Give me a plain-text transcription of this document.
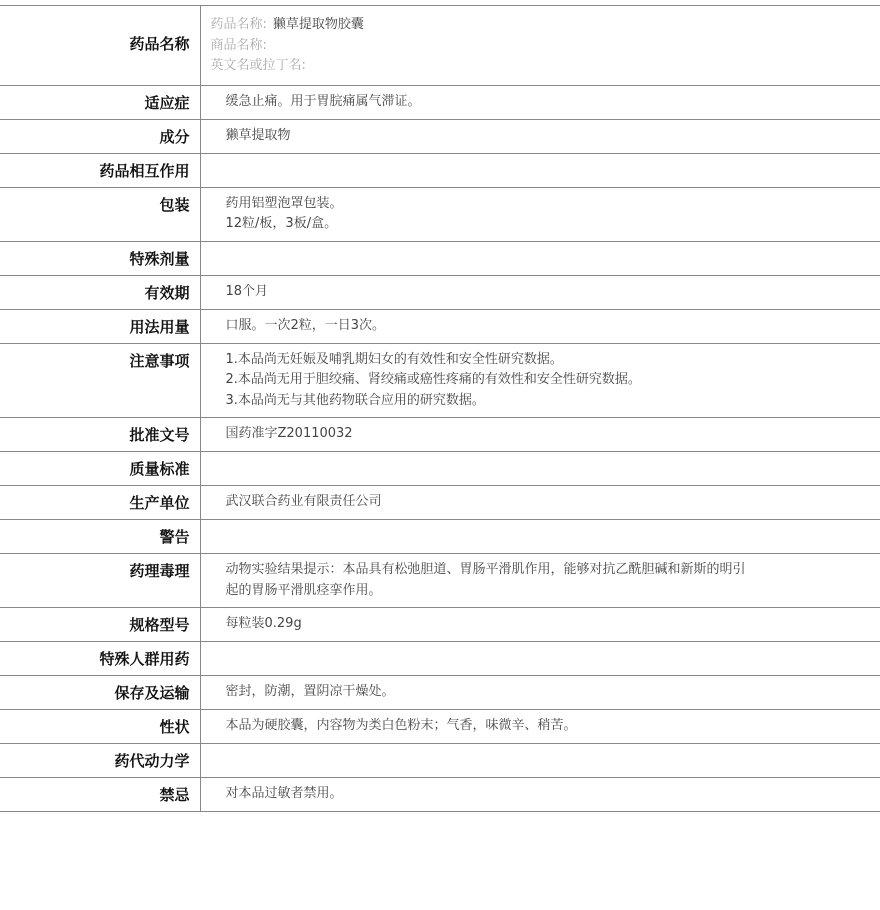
药品名称	药品名称: 獭草提取物胶囊
商品名称:
英文名或拉丁名:

适应症	缓急止痛。用于胃脘痛属气滞证。

成分	獭草提取物

药品相互作用	
包装	药用铝塑泡罩包装。
12粒/板，3板/盒。

特殊剂量	
有效期	18个月

用法用量	口服。一次2粒，一日3次。

注意事项	1.本品尚无妊娠及哺乳期妇女的有效性和安全性研究数据。
2.本品尚无用于胆绞痛、肾绞痛或癌性疼痛的有效性和安全性研究数据。
3.本品尚无与其他药物联合应用的研究数据。

批准文号	国药准字Z20110032

质量标准	
生产单位	武汉联合药业有限责任公司

警告	
药理毒理	动物实验结果提示：本品具有松弛胆道、胃肠平滑肌作用，能够对抗乙酰胆碱和新斯的明引
起的胃肠平滑肌痉挛作用。

规格型号	每粒装0.29g

特殊人群用药	
保存及运输	密封，防潮，置阴凉干燥处。

性状	本品为硬胶囊，内容物为类白色粉末；气香，味微辛、稍苦。

药代动力学	
禁忌	对本品过敏者禁用。
